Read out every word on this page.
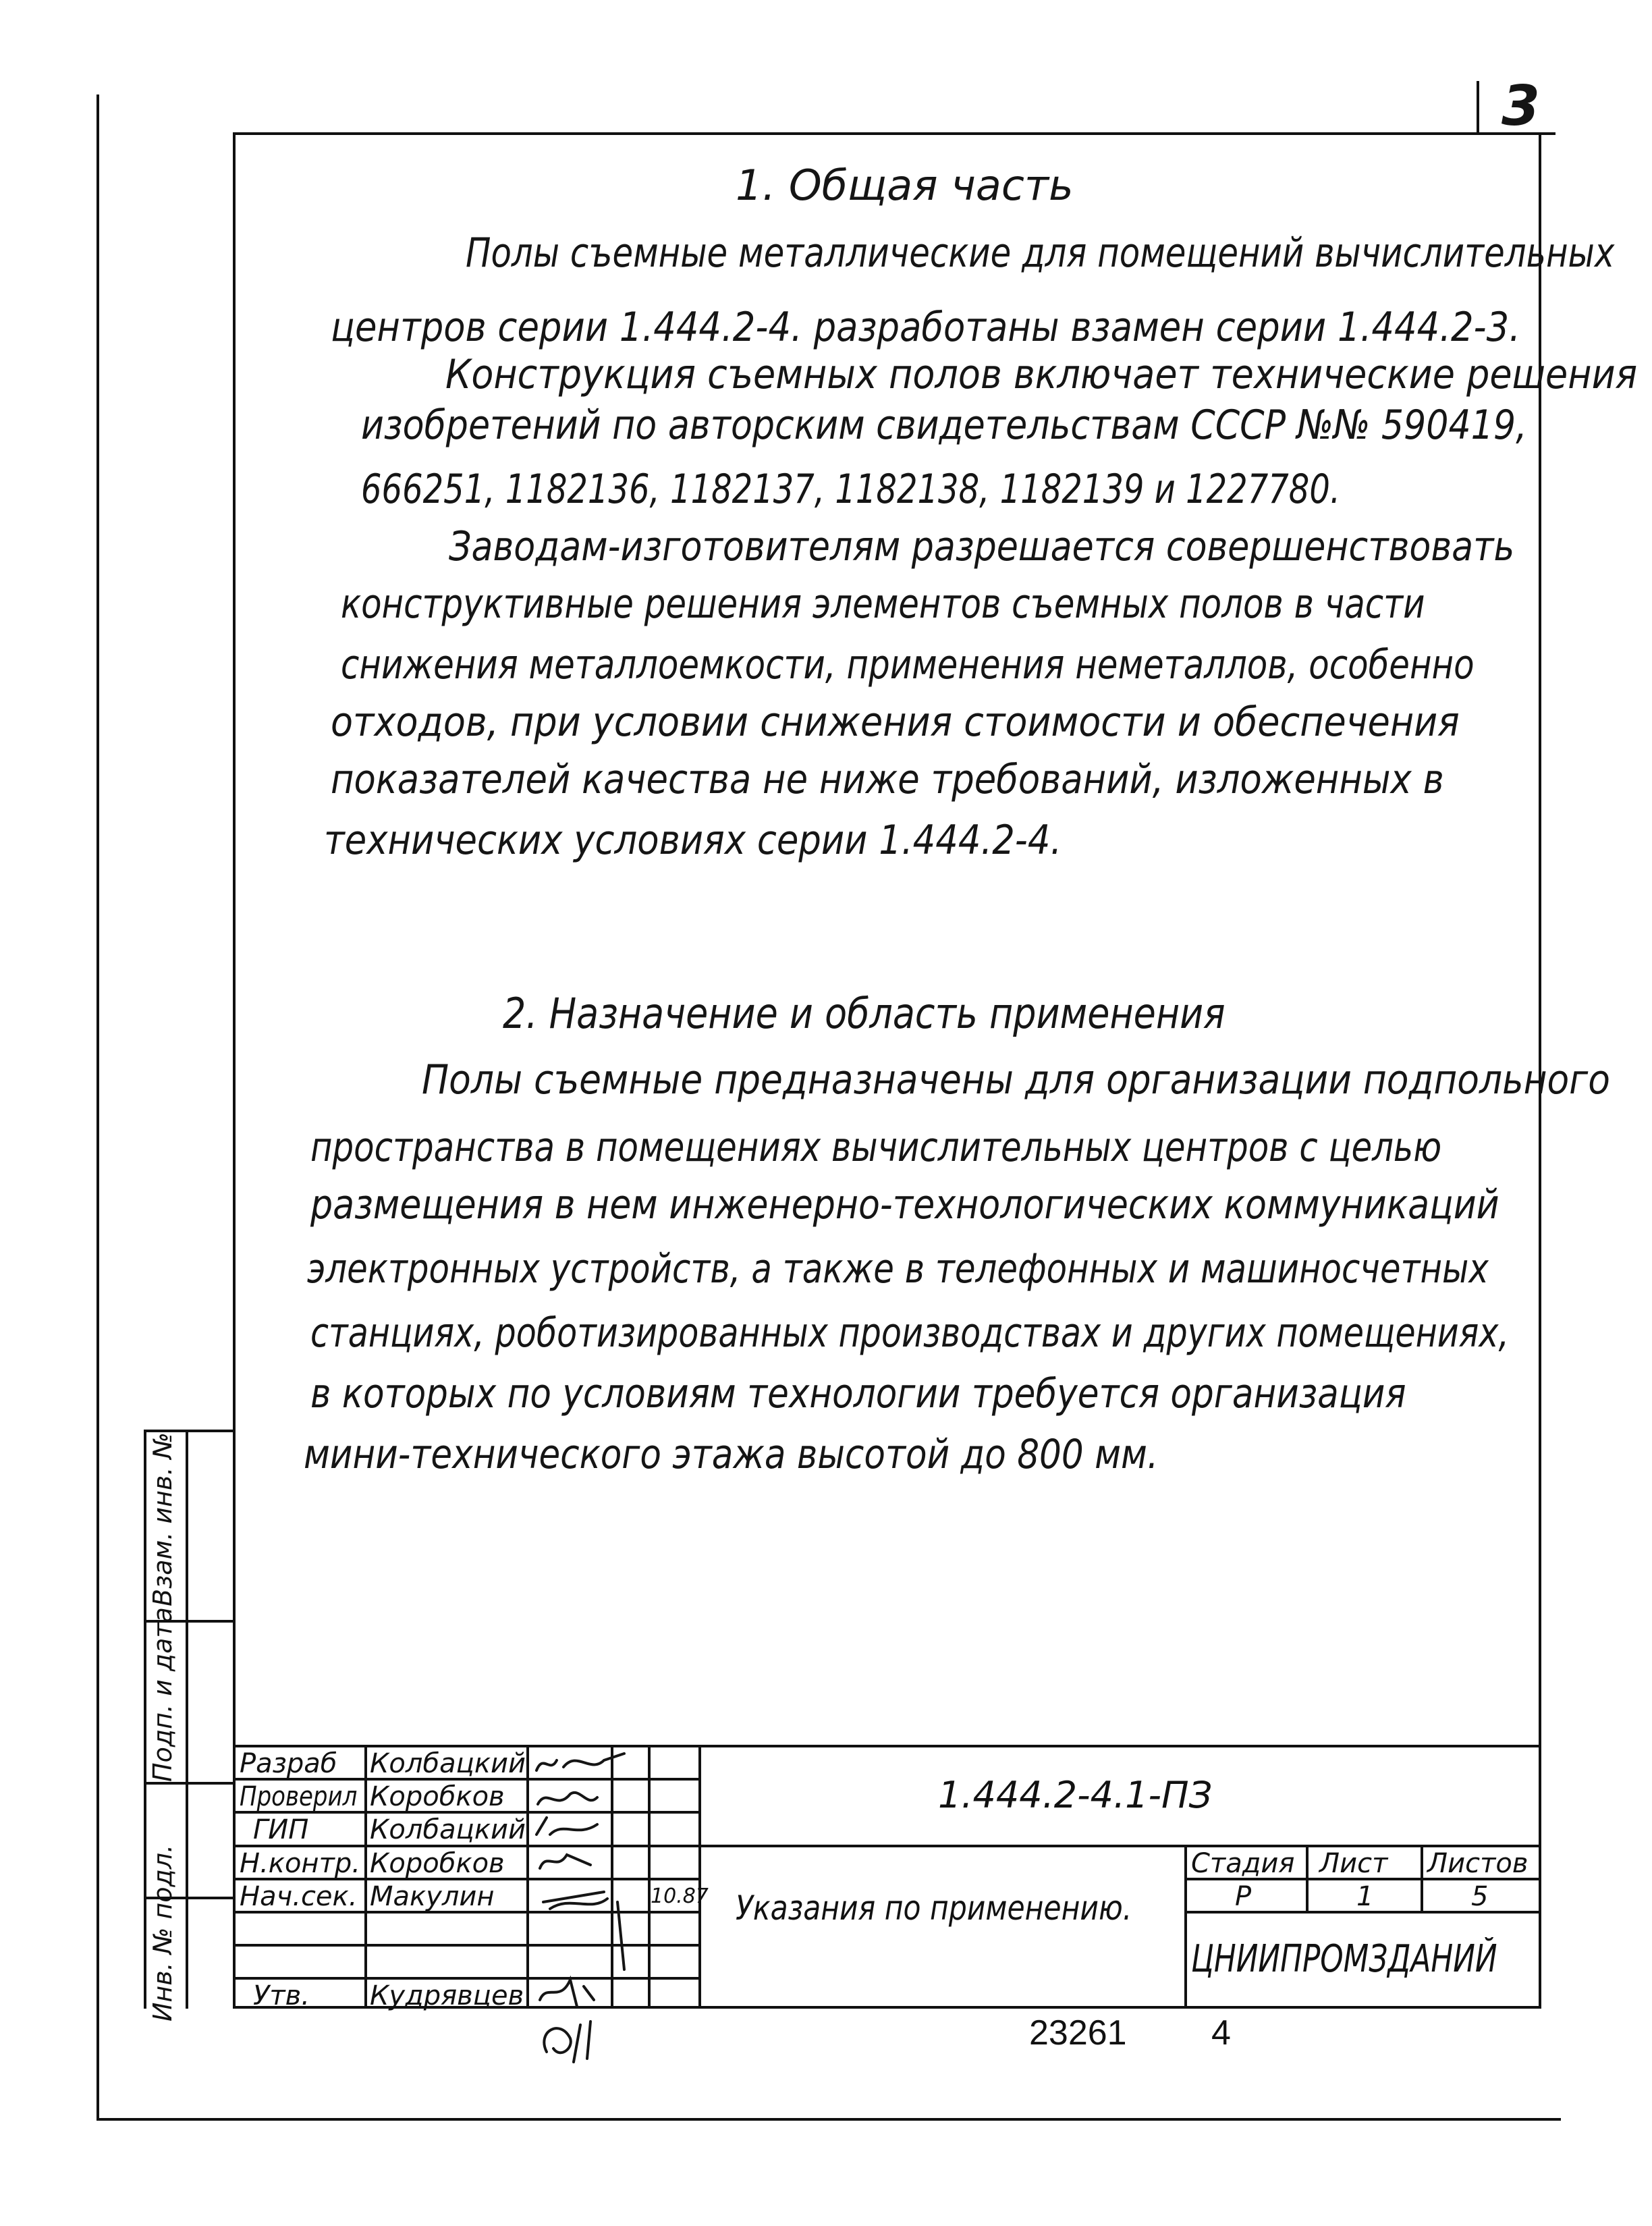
3
1. Общая часть
Полы съемные металлические для помещений вычислительных
центров серии 1.444.2-4. разработаны взамен серии 1.444.2-3.
Конструкция съемных полов включает технические решения
изобретений по авторским свидетельствам СССР №№ 590419,
666251, 1182136, 1182137, 1182138, 1182139 и 1227780.
Заводам-изготовителям разрешается совершенствовать
конструктивные решения элементов съемных полов в части
снижения металлоемкости, применения неметаллов, особенно
отходов, при условии снижения стоимости и обеспечения
показателей качества не ниже требований, изложенных в
технических условиях серии 1.444.2-4.
2. Назначение и область применения
Полы съемные предназначены для организации подпольного
пространства в помещениях вычислительных центров с целью
размещения в нем инженерно-технологических коммуникаций
электронных устройств, а также в телефонных и машиносчетных
станциях, роботизированных производствах и других помещениях,
в которых по условиям технологии требуется организация
мини-технического этажа высотой до 800 мм.
Взам. инв. №
Подп. и дата
Инв. № подл.
Разраб Колбацкий
Проверил Коробков
ГИП Колбацкий
Н.контр. Коробков
Нач.сек. Макулин	10.87
Утв. Кудрявцев
1.444.2-4.1-ПЗ
Указания по применению.
Стадия Лист Листов
Р	1	5
ЦНИИПРОМЗДАНИЙ
23261 4
